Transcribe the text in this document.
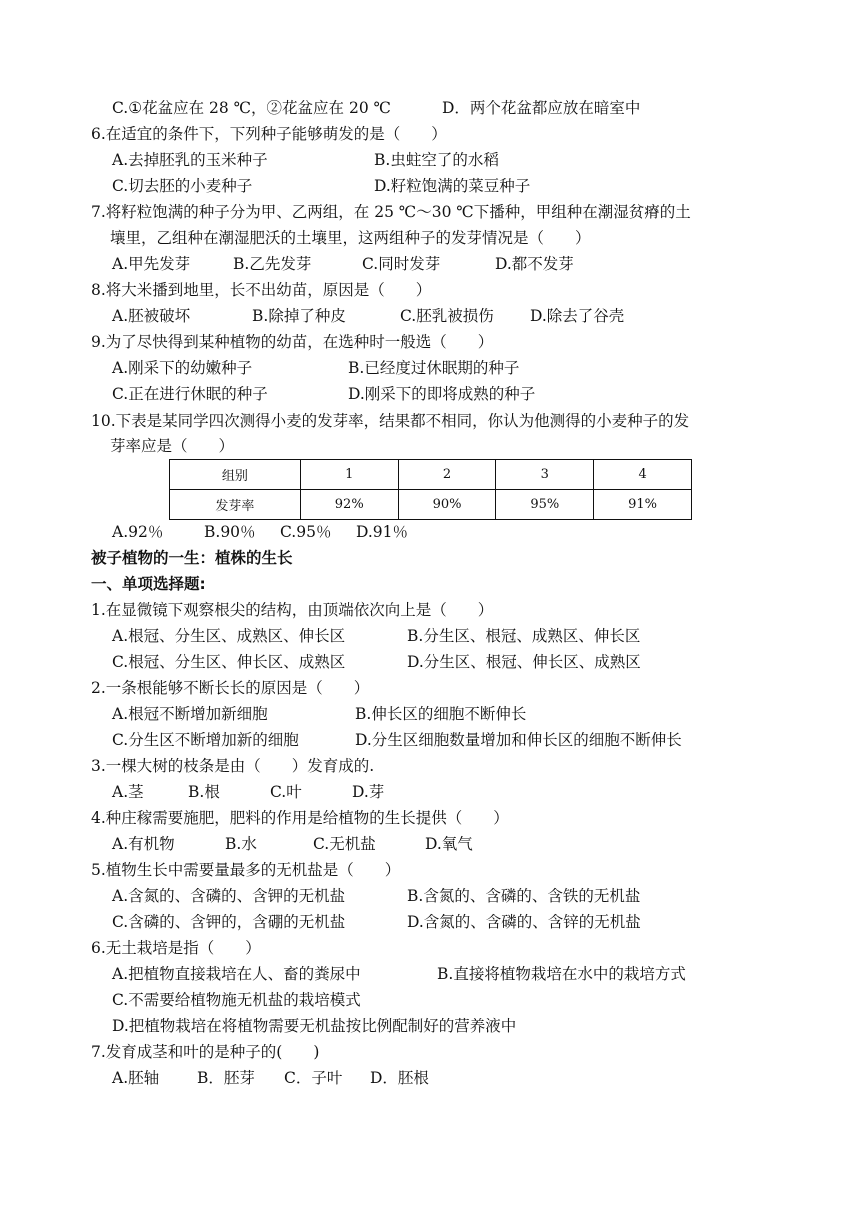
C.①花盆应在 28 ℃，②花盆应在 20 ℃	D．两个花盆都应放在暗室中
6.在适宜的条件下，下列种子能够萌发的是（　　）
A.去掉胚乳的玉米种子	B.虫蛀空了的水稻
C.切去胚的小麦种子	D.籽粒饱满的菜豆种子
7.将籽粒饱满的种子分为甲、乙两组，在 25 ℃～30 ℃下播种，甲组种在潮湿贫瘠的土
壤里，乙组种在潮湿肥沃的土壤里，这两组种子的发芽情况是（　　）
A.甲先发芽	B.乙先发芽	C.同时发芽	D.都不发芽
8.将大米播到地里，长不出幼苗，原因是（　　）
A.胚被破坏	B.除掉了种皮	C.胚乳被损伤 D.除去了谷壳
9.为了尽快得到某种植物的幼苗，在选种时一般选（　　）
A.刚采下的幼嫩种子	B.已经度过休眠期的种子
C.正在进行休眠的种子	D.刚采下的即将成熟的种子
10.下表是某同学四次测得小麦的发芽率，结果都不相同，你认为他测得的小麦种子的发
芽率应是（　　）
组别	1	2	3	4
发芽率	92%	90%	95%	91%
A.92％	B.90％ C.95％ D.91％
被子植物的一生：植株的生长
一、单项选择题:
1.在显微镜下观察根尖的结构，由顶端依次向上是（　　）
A.根冠、分生区、成熟区、伸长区	B.分生区、根冠、成熟区、伸长区
C.根冠、分生区、伸长区、成熟区	D.分生区、根冠、伸长区、成熟区
2.一条根能够不断长长的原因是（　　）
A.根冠不断增加新细胞	B.伸长区的细胞不断伸长
C.分生区不断增加新的细胞	D.分生区细胞数量增加和伸长区的细胞不断伸长
3.一棵大树的枝条是由（　　）发育成的.
A.茎	B.根	C.叶	D.芽
4.种庄稼需要施肥，肥料的作用是给植物的生长提供（　　）
A.有机物	B.水	C.无机盐	D.氧气
5.植物生长中需要量最多的无机盐是（　　）
A.含氮的、含磷的、含钾的无机盐	B.含氮的、含磷的、含铁的无机盐
C.含磷的、含钾的，含硼的无机盐	D.含氮的、含磷的、含锌的无机盐
6.无土栽培是指（　　）
A.把植物直接栽培在人、畜的粪尿中	B.直接将植物栽培在水中的栽培方式
C.不需要给植物施无机盐的栽培模式
D.把植物栽培在将植物需要无机盐按比例配制好的营养液中
7.发育成茎和叶的是种子的(　　)
A.胚轴 B．胚芽 C．子叶 D．胚根
